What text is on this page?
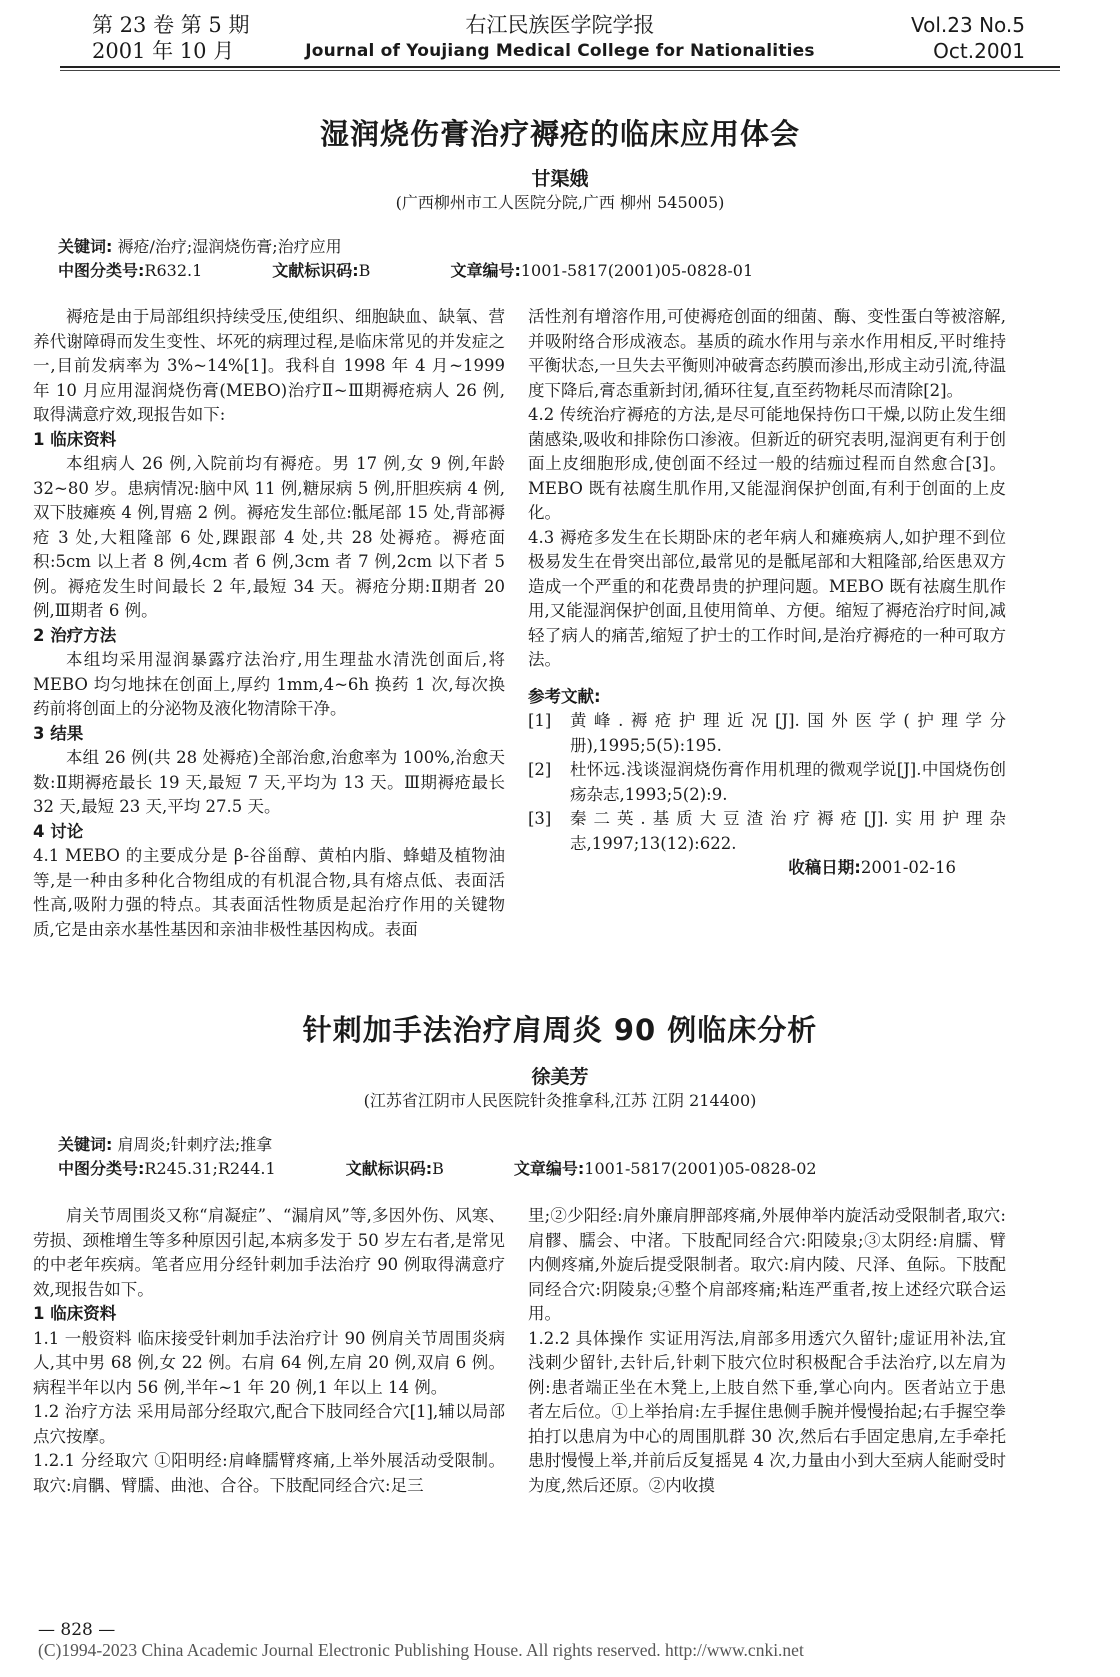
第 23 卷 第 5 期
2001 年 10 月
右江民族医学院学报
Journal of Youjiang Medical College for Nationalities
Vol.23 No.5
Oct.2001
湿润烧伤膏治疗褥疮的临床应用体会
甘渠娥
(广西柳州市工人医院分院,广西 柳州 545005)
关键词: 褥疮/治疗;湿润烧伤膏;治疗应用
中图分类号:R632.1	文献标识码:B	文章编号:1001-5817(2001)05-0828-01

褥疮是由于局部组织持续受压,使组织、细胞缺血、缺氧、营养代谢障碍而发生变性、坏死的病理过程,是临床常见的并发症之一,目前发病率为 3%~14%[1]。我科自 1998 年 4 月~1999 年 10 月应用湿润烧伤膏(MEBO)治疗Ⅱ~Ⅲ期褥疮病人 26 例,取得满意疗效,现报告如下:

1 临床资料

本组病人 26 例,入院前均有褥疮。男 17 例,女 9 例,年龄 32~80 岁。患病情况:脑中风 11 例,糖尿病 5 例,肝胆疾病 4 例,双下肢瘫痪 4 例,胃癌 2 例。褥疮发生部位:骶尾部 15 处,背部褥疮 3 处,大粗隆部 6 处,踝跟部 4 处,共 28 处褥疮。褥疮面积:5cm 以上者 8 例,4cm 者 6 例,3cm 者 7 例,2cm 以下者 5 例。褥疮发生时间最长 2 年,最短 34 天。褥疮分期:Ⅱ期者 20 例,Ⅲ期者 6 例。

2 治疗方法

本组均采用湿润暴露疗法治疗,用生理盐水清洗创面后,将 MEBO 均匀地抹在创面上,厚约 1mm,4~6h 换药 1 次,每次换药前将创面上的分泌物及液化物清除干净。

3 结果

本组 26 例(共 28 处褥疮)全部治愈,治愈率为 100%,治愈天数:Ⅱ期褥疮最长 19 天,最短 7 天,平均为 13 天。Ⅲ期褥疮最长 32 天,最短 23 天,平均 27.5 天。

4 讨论

4.1 MEBO 的主要成分是 β-谷甾醇、黄柏内脂、蜂蜡及植物油等,是一种由多种化合物组成的有机混合物,具有熔点低、表面活性高,吸附力强的特点。其表面活性物质是起治疗作用的关键物质,它是由亲水基性基因和亲油非极性基因构成。表面

活性剂有增溶作用,可使褥疮创面的细菌、酶、变性蛋白等被溶解,并吸附络合形成液态。基质的疏水作用与亲水作用相反,平时维持平衡状态,一旦失去平衡则冲破膏态药膜而渗出,形成主动引流,待温度下降后,膏态重新封闭,循环往复,直至药物耗尽而清除[2]。

4.2 传统治疗褥疮的方法,是尽可能地保持伤口干燥,以防止发生细菌感染,吸收和排除伤口渗液。但新近的研究表明,湿润更有利于创面上皮细胞形成,使创面不经过一般的结痂过程而自然愈合[3]。MEBO 既有祛腐生肌作用,又能湿润保护创面,有利于创面的上皮化。

4.3 褥疮多发生在长期卧床的老年病人和瘫痪病人,如护理不到位极易发生在骨突出部位,最常见的是骶尾部和大粗隆部,给医患双方造成一个严重的和花费昂贵的护理问题。MEBO 既有祛腐生肌作用,又能湿润保护创面,且使用简单、方便。缩短了褥疮治疗时间,减轻了病人的痛苦,缩短了护士的工作时间,是治疗褥疮的一种可取方法。

参考文献:

[1]	黄峰.褥疮护理近况[J].国外医学(护理学分册),1995;5(5):195.
[2]	杜怀远.浅谈湿润烧伤膏作用机理的微观学说[J].中国烧伤创疡杂志,1993;5(2):9.
[3]	秦二英.基质大豆渣治疗褥疮[J].实用护理杂志,1997;13(12):622.
收稿日期:2001-02-16
针刺加手法治疗肩周炎 90 例临床分析
徐美芳
(江苏省江阴市人民医院针灸推拿科,江苏 江阴 214400)
关键词: 肩周炎;针刺疗法;推拿
中图分类号:R245.31;R244.1	文献标识码:B	文章编号:1001-5817(2001)05-0828-02

肩关节周围炎又称“肩凝症”、“漏肩风”等,多因外伤、风寒、劳损、颈椎增生等多种原因引起,本病多发于 50 岁左右者,是常见的中老年疾病。笔者应用分经针刺加手法治疗 90 例取得满意疗效,现报告如下。

1 临床资料

1.1 一般资料 临床接受针刺加手法治疗计 90 例肩关节周围炎病人,其中男 68 例,女 22 例。右肩 64 例,左肩 20 例,双肩 6 例。病程半年以内 56 例,半年~1 年 20 例,1 年以上 14 例。

1.2 治疗方法 采用局部分经取穴,配合下肢同经合穴[1],辅以局部点穴按摩。

1.2.1 分经取穴 ①阳明经:肩峰臑臂疼痛,上举外展活动受限制。取穴:肩髃、臂臑、曲池、合谷。下肢配同经合穴:足三

里;②少阳经:肩外廉肩胛部疼痛,外展伸举内旋活动受限制者,取穴:肩髎、臑会、中渚。下肢配同经合穴:阳陵泉;③太阴经:肩臑、臂内侧疼痛,外旋后提受限制者。取穴:肩内陵、尺泽、鱼际。下肢配同经合穴:阴陵泉;④整个肩部疼痛;粘连严重者,按上述经穴联合运用。

1.2.2 具体操作 实证用泻法,肩部多用透穴久留针;虚证用补法,宜浅刺少留针,去针后,针刺下肢穴位时积极配合手法治疗,以左肩为例:患者端正坐在木凳上,上肢自然下垂,掌心向内。医者站立于患者左后位。①上举抬肩:左手握住患侧手腕并慢慢抬起;右手握空拳拍打以患肩为中心的周围肌群 30 次,然后右手固定患肩,左手牵托患肘慢慢上举,并前后反复摇晃 4 次,力量由小到大至病人能耐受时为度,然后还原。②内收摸

— 828 —
(C)1994-2023 China Academic Journal Electronic Publishing House. All rights reserved. http://www.cnki.net
